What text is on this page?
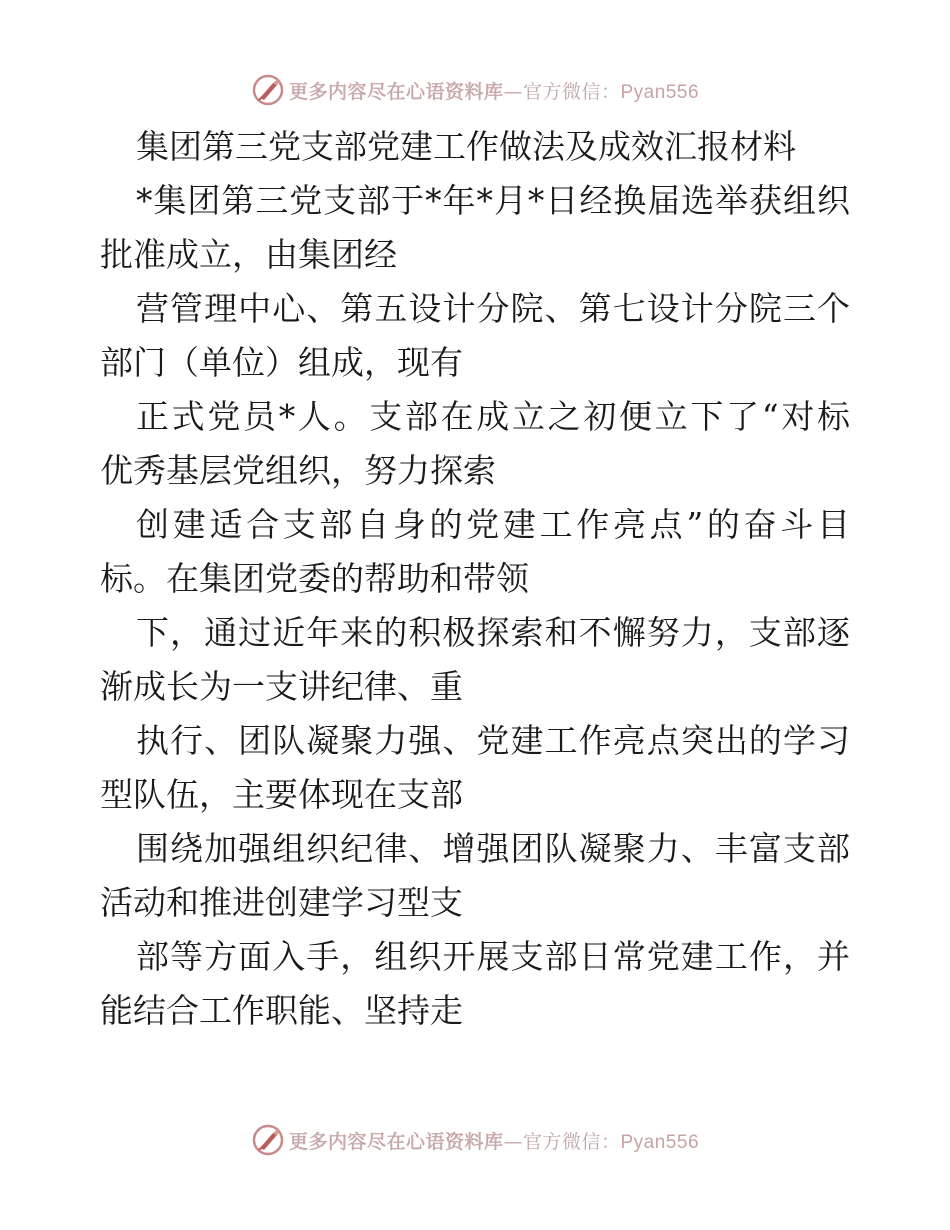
更多内容尽在心语资料库—官方微信：Pyan556
集团第三党支部党建工作做法及成效汇报材料
*集团第三党支部于*年*月*日经换届选举获组织
批准成立，由集团经
营管理中心、第五设计分院、第七设计分院三个
部门（单位）组成，现有
正式党员*人。支部在成立之初便立下了“对标
优秀基层党组织，努力探索
创建适合支部自身的党建工作亮点”的奋斗目
标。在集团党委的帮助和带领
下，通过近年来的积极探索和不懈努力，支部逐
渐成长为一支讲纪律、重
执行、团队凝聚力强、党建工作亮点突出的学习
型队伍，主要体现在支部
围绕加强组织纪律、增强团队凝聚力、丰富支部
活动和推进创建学习型支
部等方面入手，组织开展支部日常党建工作，并
能结合工作职能、坚持走
更多内容尽在心语资料库—官方微信：Pyan556
